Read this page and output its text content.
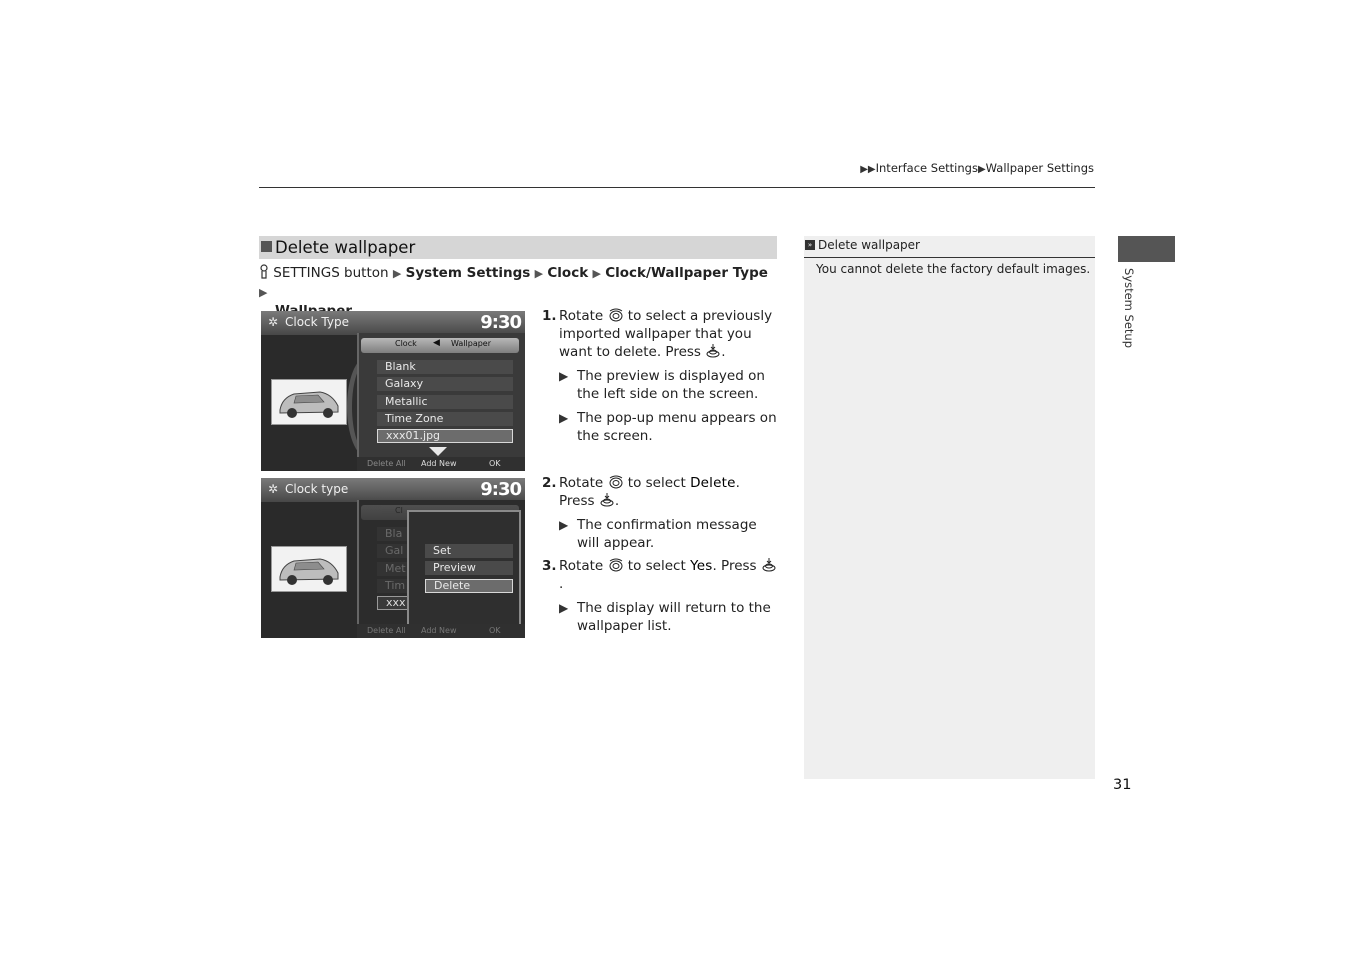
▶▶Interface Settings▶Wallpaper Settings
Delete wallpaper
SETTINGS button ▶ System Settings ▶ Clock ▶ Clock/Wallpaper Type ▶

✲ Clock Type	9:30
Clock ◀ Wallpaper
Blank
Galaxy
Metallic
Time Zone
xxx01.jpg
Delete All Add New	OK
✲ Clock type	9:30
Cl
Bla
Gal
Met
Tim
xxx
Set
Preview
Delete
Delete All Add New	OK
1. Rotate to select a previously imported wallpaper that you want to delete. Press .
▶ The preview is displayed on the left side on the screen.
▶ The pop-up menu appears on the screen.
2. Rotate to select Delete. Press .
▶ The confirmation message will appear.
3. Rotate to select Yes. Press .
▶ The display will return to the wallpaper list.
» Delete wallpaper
You cannot delete the factory default images.	System Setup
31
